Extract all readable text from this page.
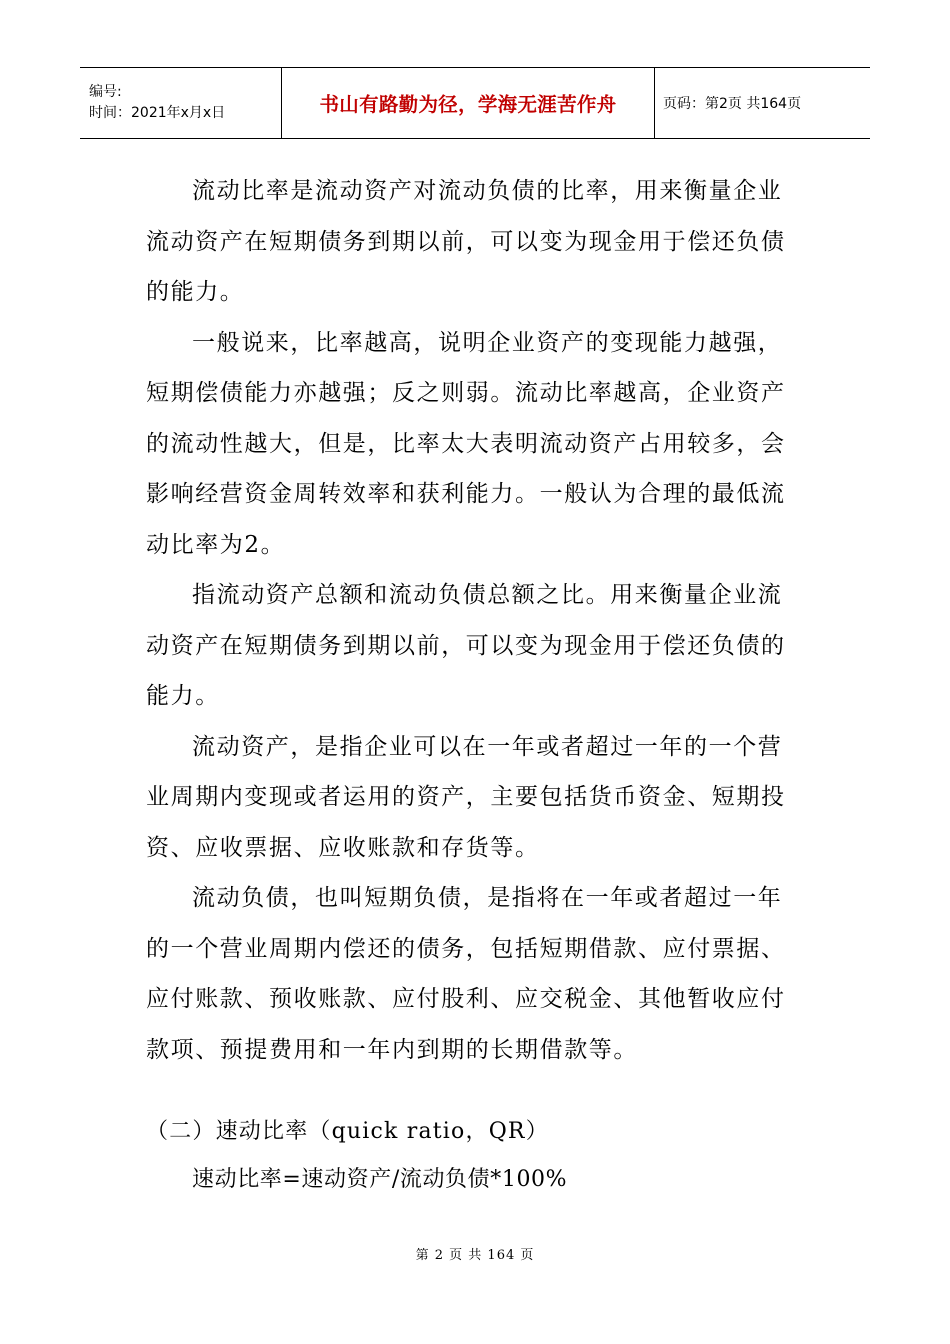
编号:
时间：2021年x月x日	书山有路勤为径，学海无涯苦作舟	页码：第2页 共164页

流动比率是流动资产对流动负债的比率，用来衡量企业流动资产在短期债务到期以前，可以变为现金用于偿还负债的能力。

一般说来，比率越高，说明企业资产的变现能力越强，短期偿债能力亦越强；反之则弱。流动比率越高，企业资产的流动性越大，但是，比率太大表明流动资产占用较多，会影响经营资金周转效率和获利能力。一般认为合理的最低流动比率为2。

指流动资产总额和流动负债总额之比。用来衡量企业流动资产在短期债务到期以前，可以变为现金用于偿还负债的能力。

流动资产，是指企业可以在一年或者超过一年的一个营业周期内变现或者运用的资产，主要包括货币资金、短期投资、应收票据、应收账款和存货等。

流动负债，也叫短期负债，是指将在一年或者超过一年的一个营业周期内偿还的债务，包括短期借款、应付票据、应付账款、预收账款、应付股利、应交税金、其他暂收应付款项、预提费用和一年内到期的长期借款等。

（二）速动比率（quick ratio，QR）
速动比率=速动资产/流动负债*100%
第 2 页 共 164 页
